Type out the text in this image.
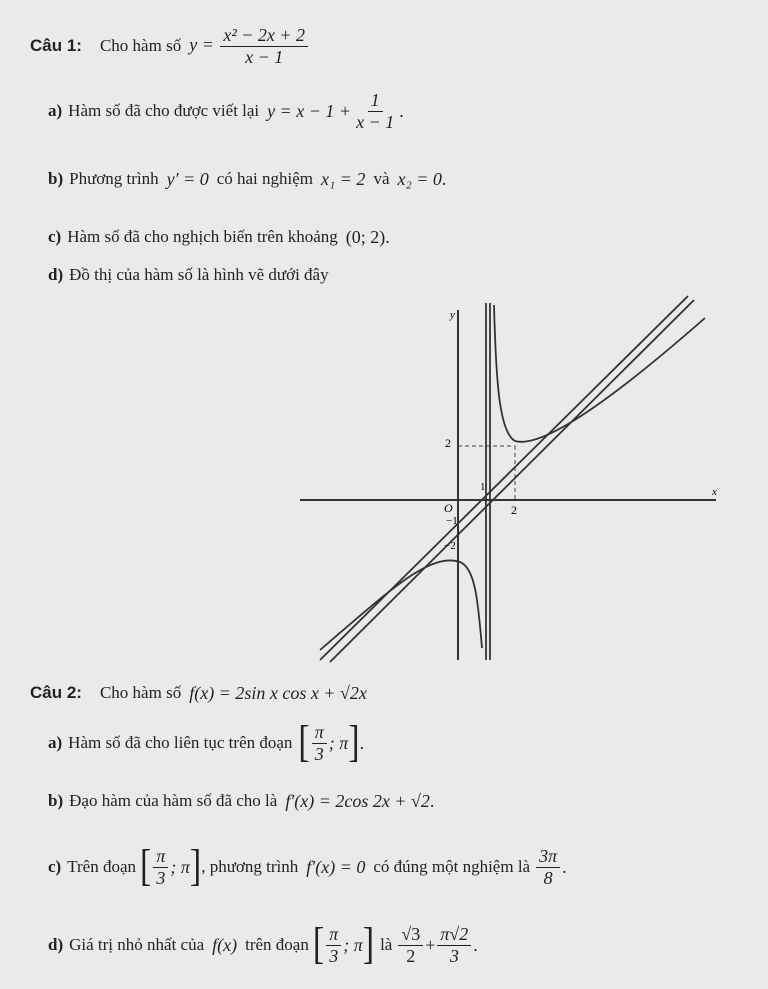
Câu 1: Cho hàm số $y = \frac{\text{x² − 2x + 2}}{x - 1}$
a) Hàm số đã cho được viết lại $y = x - 1 + \frac{1}{x - 1}$ .
b) Phương trình y′ = 0 có hai nghiệm x₁ = 2 và x₂ = 0 .
c) Hàm số đã cho nghịch biến trên khoảng (0; 2) .
d) Đồ thị của hàm số là hình vẽ dưới đây
y
x
O
2
1
2
−1
−2
Câu 2: Cho hàm số f(x) = 2sin x cos x + √2x
a) Hàm số đã cho liên tục trên đoạn [ $\frac{\pi}{3}$ ; π ] .
b) Đạo hàm của hàm số đã cho là f′(x) = 2cos 2x + √2 .
c) Trên đoạn [ $\frac{\pi}{3}$ ; π ] , phương trình f′(x) = 0 có đúng một nghiệm là $\frac{3\pi}{8}$ .
d) Giá trị nhỏ nhất của f(x) trên đoạn [ $\frac{\pi}{3}$ ; π ] là $\frac{√3}{2} + \frac{\pi√2}{3}$ .
